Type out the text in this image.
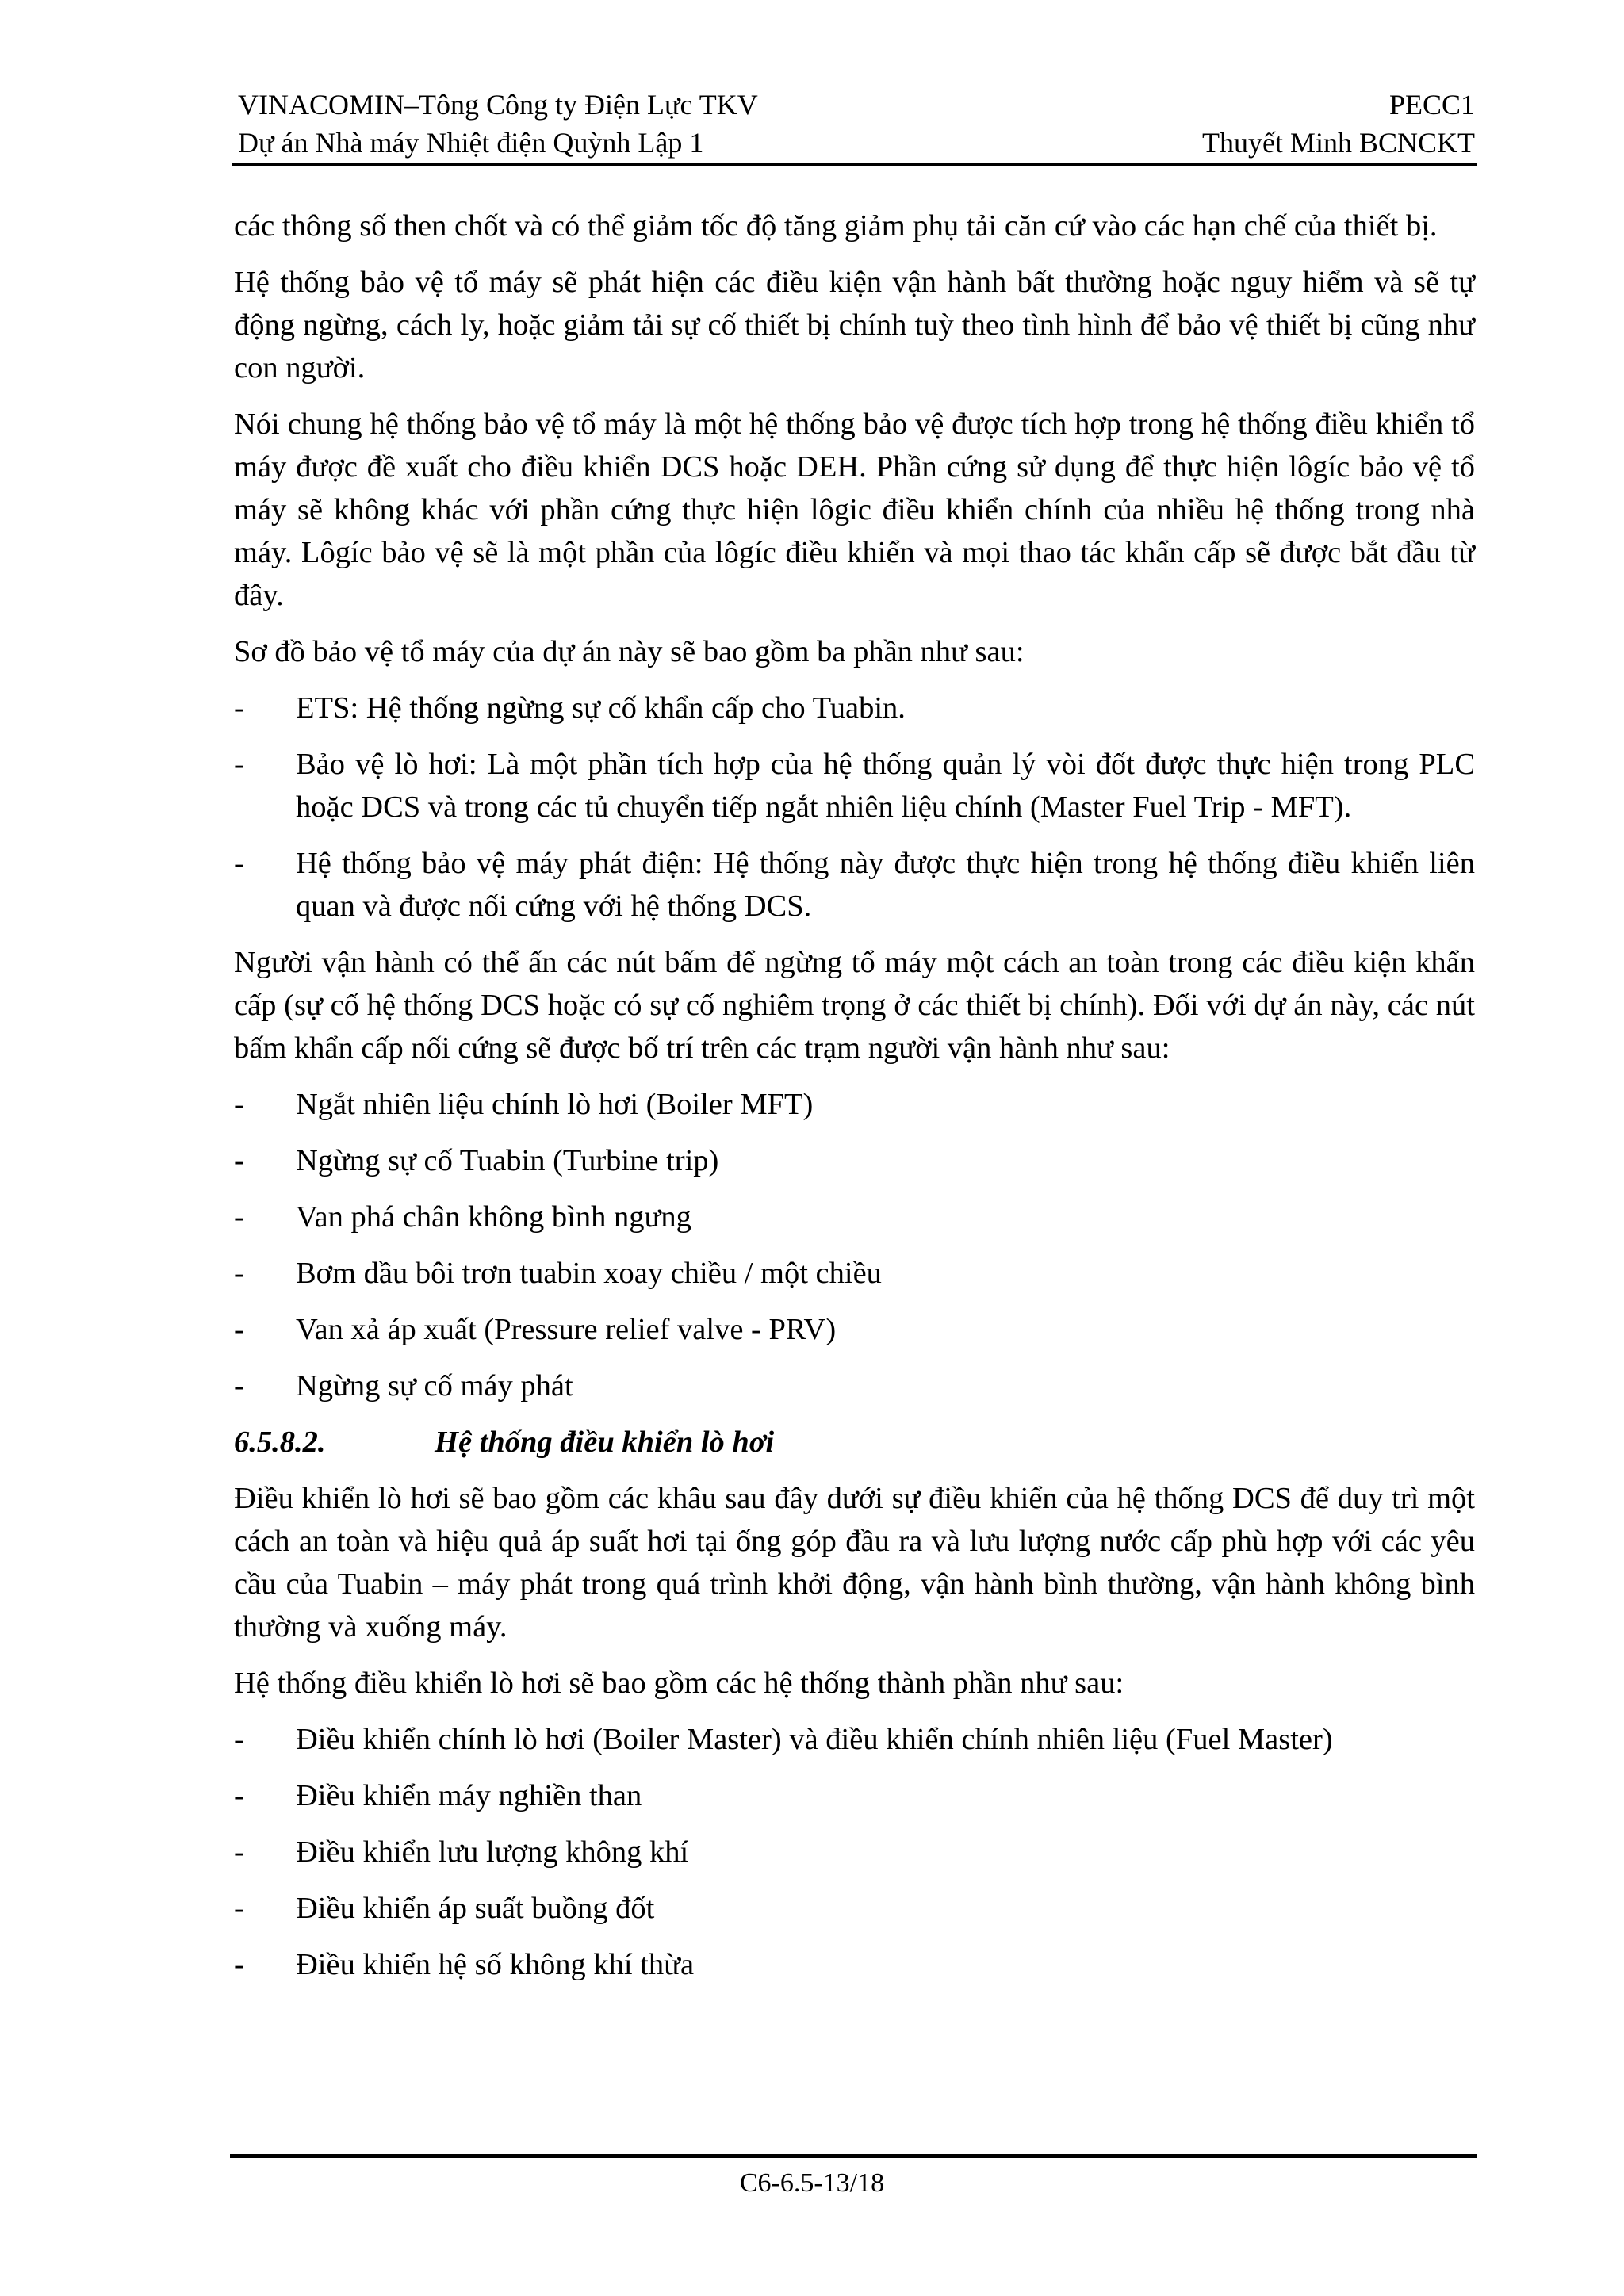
VINACOMIN–Tông Công ty Điện Lực TKV	PECC1
Dự án Nhà máy Nhiệt điện Quỳnh Lập 1	Thuyết Minh BCNCKT

các thông số then chốt và có thể giảm tốc độ tăng giảm phụ tải căn cứ vào các hạn chế của thiết bị.

Hệ thống bảo vệ tổ máy sẽ phát hiện các điều kiện vận hành bất thường hoặc nguy hiểm và sẽ tự động ngừng, cách ly, hoặc giảm tải sự cố thiết bị chính tuỳ theo tình hình để bảo vệ thiết bị cũng như con người.

Nói chung hệ thống bảo vệ tổ máy là một hệ thống bảo vệ được tích hợp trong hệ thống điều khiển tổ máy được đề xuất cho điều khiển DCS hoặc DEH. Phần cứng sử dụng để thực hiện lôgíc bảo vệ tổ máy sẽ không khác với phần cứng thực hiện lôgic điều khiển chính của nhiều hệ thống trong nhà máy. Lôgíc bảo vệ sẽ là một phần của lôgíc điều khiển và mọi thao tác khẩn cấp sẽ được bắt đầu từ đây.

Sơ đồ bảo vệ tổ máy của dự án này sẽ bao gồm ba phần như sau:

- ETS: Hệ thống ngừng sự cố khẩn cấp cho Tuabin.
- Bảo vệ lò hơi: Là một phần tích hợp của hệ thống quản lý vòi đốt được thực hiện trong PLC hoặc DCS và trong các tủ chuyển tiếp ngắt nhiên liệu chính (Master Fuel Trip - MFT).
- Hệ thống bảo vệ máy phát điện: Hệ thống này được thực hiện trong hệ thống điều khiển liên quan và được nối cứng với hệ thống DCS.

Người vận hành có thể ấn các nút bấm để ngừng tổ máy một cách an toàn trong các điều kiện khẩn cấp (sự cố hệ thống DCS hoặc có sự cố nghiêm trọng ở các thiết bị chính). Đối với dự án này, các nút bấm khẩn cấp nối cứng sẽ được bố trí trên các trạm người vận hành như sau:

- Ngắt nhiên liệu chính lò hơi (Boiler MFT)
- Ngừng sự cố Tuabin (Turbine trip)
- Van phá chân không bình ngưng
- Bơm dầu bôi trơn tuabin xoay chiều / một chiều
- Van xả áp xuất (Pressure relief valve - PRV)
- Ngừng sự cố máy phát
6.5.8.2.	Hệ thống điều khiển lò hơi

Điều khiển lò hơi sẽ bao gồm các khâu sau đây dưới sự điều khiển của hệ thống DCS để duy trì một cách an toàn và hiệu quả áp suất hơi tại ống góp đầu ra và lưu lượng nước cấp phù hợp với các yêu cầu của Tuabin – máy phát trong quá trình khởi động, vận hành bình thường, vận hành không bình thường và xuống máy.

Hệ thống điều khiển lò hơi sẽ bao gồm các hệ thống thành phần như sau:

- Điều khiển chính lò hơi (Boiler Master) và điều khiển chính nhiên liệu (Fuel Master)
- Điều khiển máy nghiền than
- Điều khiển lưu lượng không khí
- Điều khiển áp suất buồng đốt
- Điều khiển hệ số không khí thừa
C6-6.5-13/18
